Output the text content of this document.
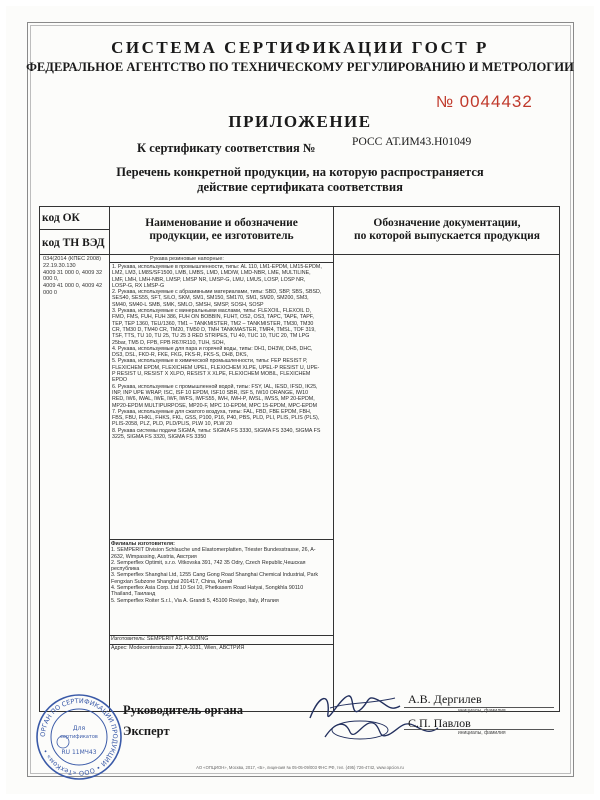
СИСТЕМА СЕРТИФИКАЦИИ ГОСТ Р
ФЕДЕРАЛЬНОЕ АГЕНТСТВО ПО ТЕХНИЧЕСКОМУ РЕГУЛИРОВАНИЮ И МЕТРОЛОГИИ
№ 0044432
ПРИЛОЖЕНИЕ
К сертификату соответствия №	РОСС АТ.ИМ43.Н01049
Перечень конкретной продукции, на которую распространяется
действие сертификата соответствия
код ОК
код ТН ВЭД
Наименование и обозначение
продукции, ее изготовитель
Обозначение документации,
по которой выпускается продукция
034(2014 (КПЕС 2008)
22.19.30.130
4009 31 000 0, 4009 32 000 0,
4009 41 000 0, 4009 42 000 0
Рукава резиновые напорные:

1. Рукава, используемые в промышленности, типы: AL 110, LM1-EPDM, LM15-EPDM, LM2, LM3, LM8S/SF1500, LMB, LMBS, LMD, LMD/W, LMD-NBR, LME, MULTILINE, LMF, LMH, LMH-NBR, LMSP, LMSP NR, LMSP-G, LMU, LMUS, LOSP, LOSP NR, LOSP-G, RX LMSP-G

2. Рукава, используемые с абразивными материалами, типы: SBD, SBP, SBS, SBSD, SES40, SES55, SFT, S/LO, SKM, SM1, SM150, SM170, SM1, SM20, SM200, SM3, SM40, SM40-L SMB, SMK, SMLO, SMSH, SMSP, SOSH, SOSP

3. Рукава, используемые с минеральными маслами, типы: FLEXOIL, FLEXOIL D, FMO, FMS, FUH, FUH 386, FUH ON BOBBIN, FUHT, OS2, OS3, TAPC, TAPE, TAPF, TEP, TEP 1360, TEU/1360, TM1 – TANKMISTER, TM2 – TANKMISTER, TM30, TM30 CR, TM30 D, TM40 CR, TM20, TM50 D, TMH TANKMASTER, TMR4, TMSL, TOF 319, TSF, TTS, TU 10, TU 25, TU 25 3 RED STRIPES, TU 40, TUC 10, TUC 20, TM LPG 25bar, TM5 D, FPB, FPB R67/R110, TUH, SOH,

4. Рукава, используемые для пара и горячей воды, типы: DH1, DH3W, DH5, DHC, DS3, DSL, FKD-R, FKE, FKG, FKS-R, FKS-S, DH8, DKS,

5. Рукава, используемые в химической промышленности, типы: FEP RESIST P, FLEXICHEM EPDM, FLEXICHEM UPEL, FLEXICHEM XLPE, UPEL-P RESIST U, UPE-P RESIST U, RESIST X XLPO, RESIST X XLPE, FLEXICHEM MOBIL, FLEXICHEM EPDO

6. Рукава, используемые с промышленной водой, типы: FSY, IAL, IESD, IFSD, IK25, INP, INP UPE WRAP, ISC, ISF 10 EPDM, ISF10 SBR, ISF 5, IW10 ORANGE, IW10 RED, IW6, IWAL, IWE, IWF, IWFS, IWFS55, IWH, IWH-P, IWSL, IWSS, MP 20-EPDM, MP20-EPDM MULTIPURPOSE, MP20-F, MPC 10-EPDM, MPC 15-EPDM, MPC-EPDM

7. Рукава, используемые для сжатого воздуха, типы: FAL, FBD, FBE EPDM, FBH, FBS, FBU, FHKL, FHKS, FKL, GSS, P100, P16, P40, PBS, PLD, PLI, PLIS, PLIS (PLS), PLIS-2058, PLZ, PLD, PLD/PLIS, PLW 10, PLW 20

8. Рукава системы подачи SIGMA, типы: SIGMA FS 3330, SIGMA FS 3340, SIGMA FS 3225, SIGMA FS 3320, SIGMA FS 3350

Филиалы изготовителя:

1. SEMPERIT Division Schlauche und Elastomerplatten, Triester Bundesstrasse, 26, A-2632, Wimpassing, Austria, Австрия

2. Semperflex Optimit, s.r.o. Vitkovska 391, 742 35 Odry, Czech Republic,Чешская республика

3. Semperflex Shanghai Ltd, 1255 Cang Gong Road Shanghai Chemical Industrial, Park Fengxian Subzone Shanghai 201417, China, Китай

4. Semperflex Asia Corp. Ltd 10 Soi 10, Phetkasem Road Hatyai, Songkhla 90110 Thailand, Таиланд

5. Semperflex Roiter S.r.l., Via A. Grandi 5, 45100 Rovigo, Italy, Италия

Изготовитель: SEMPERIT AG HOLDING
Адрес: Modecenterstrasse 22, A-1031, Wien, АВСТРИЯ
ОРГАН ПО СЕРТИФИКАЦИИ ПРОДУКЦИИ • ООО «ТехКом» •
Для
сертификатов
RU 11МЧ43
Руководитель органа
Эксперт
А.В. Дергилев
С.П. Павлов
инициалы, фамилия
инициалы, фамилия
АО «ОПЦИОН», Москва, 2017, «Б», лицензия № 05-05-09/003 ФНС РФ, тел. (495) 726-4742, www.opcion.ru
